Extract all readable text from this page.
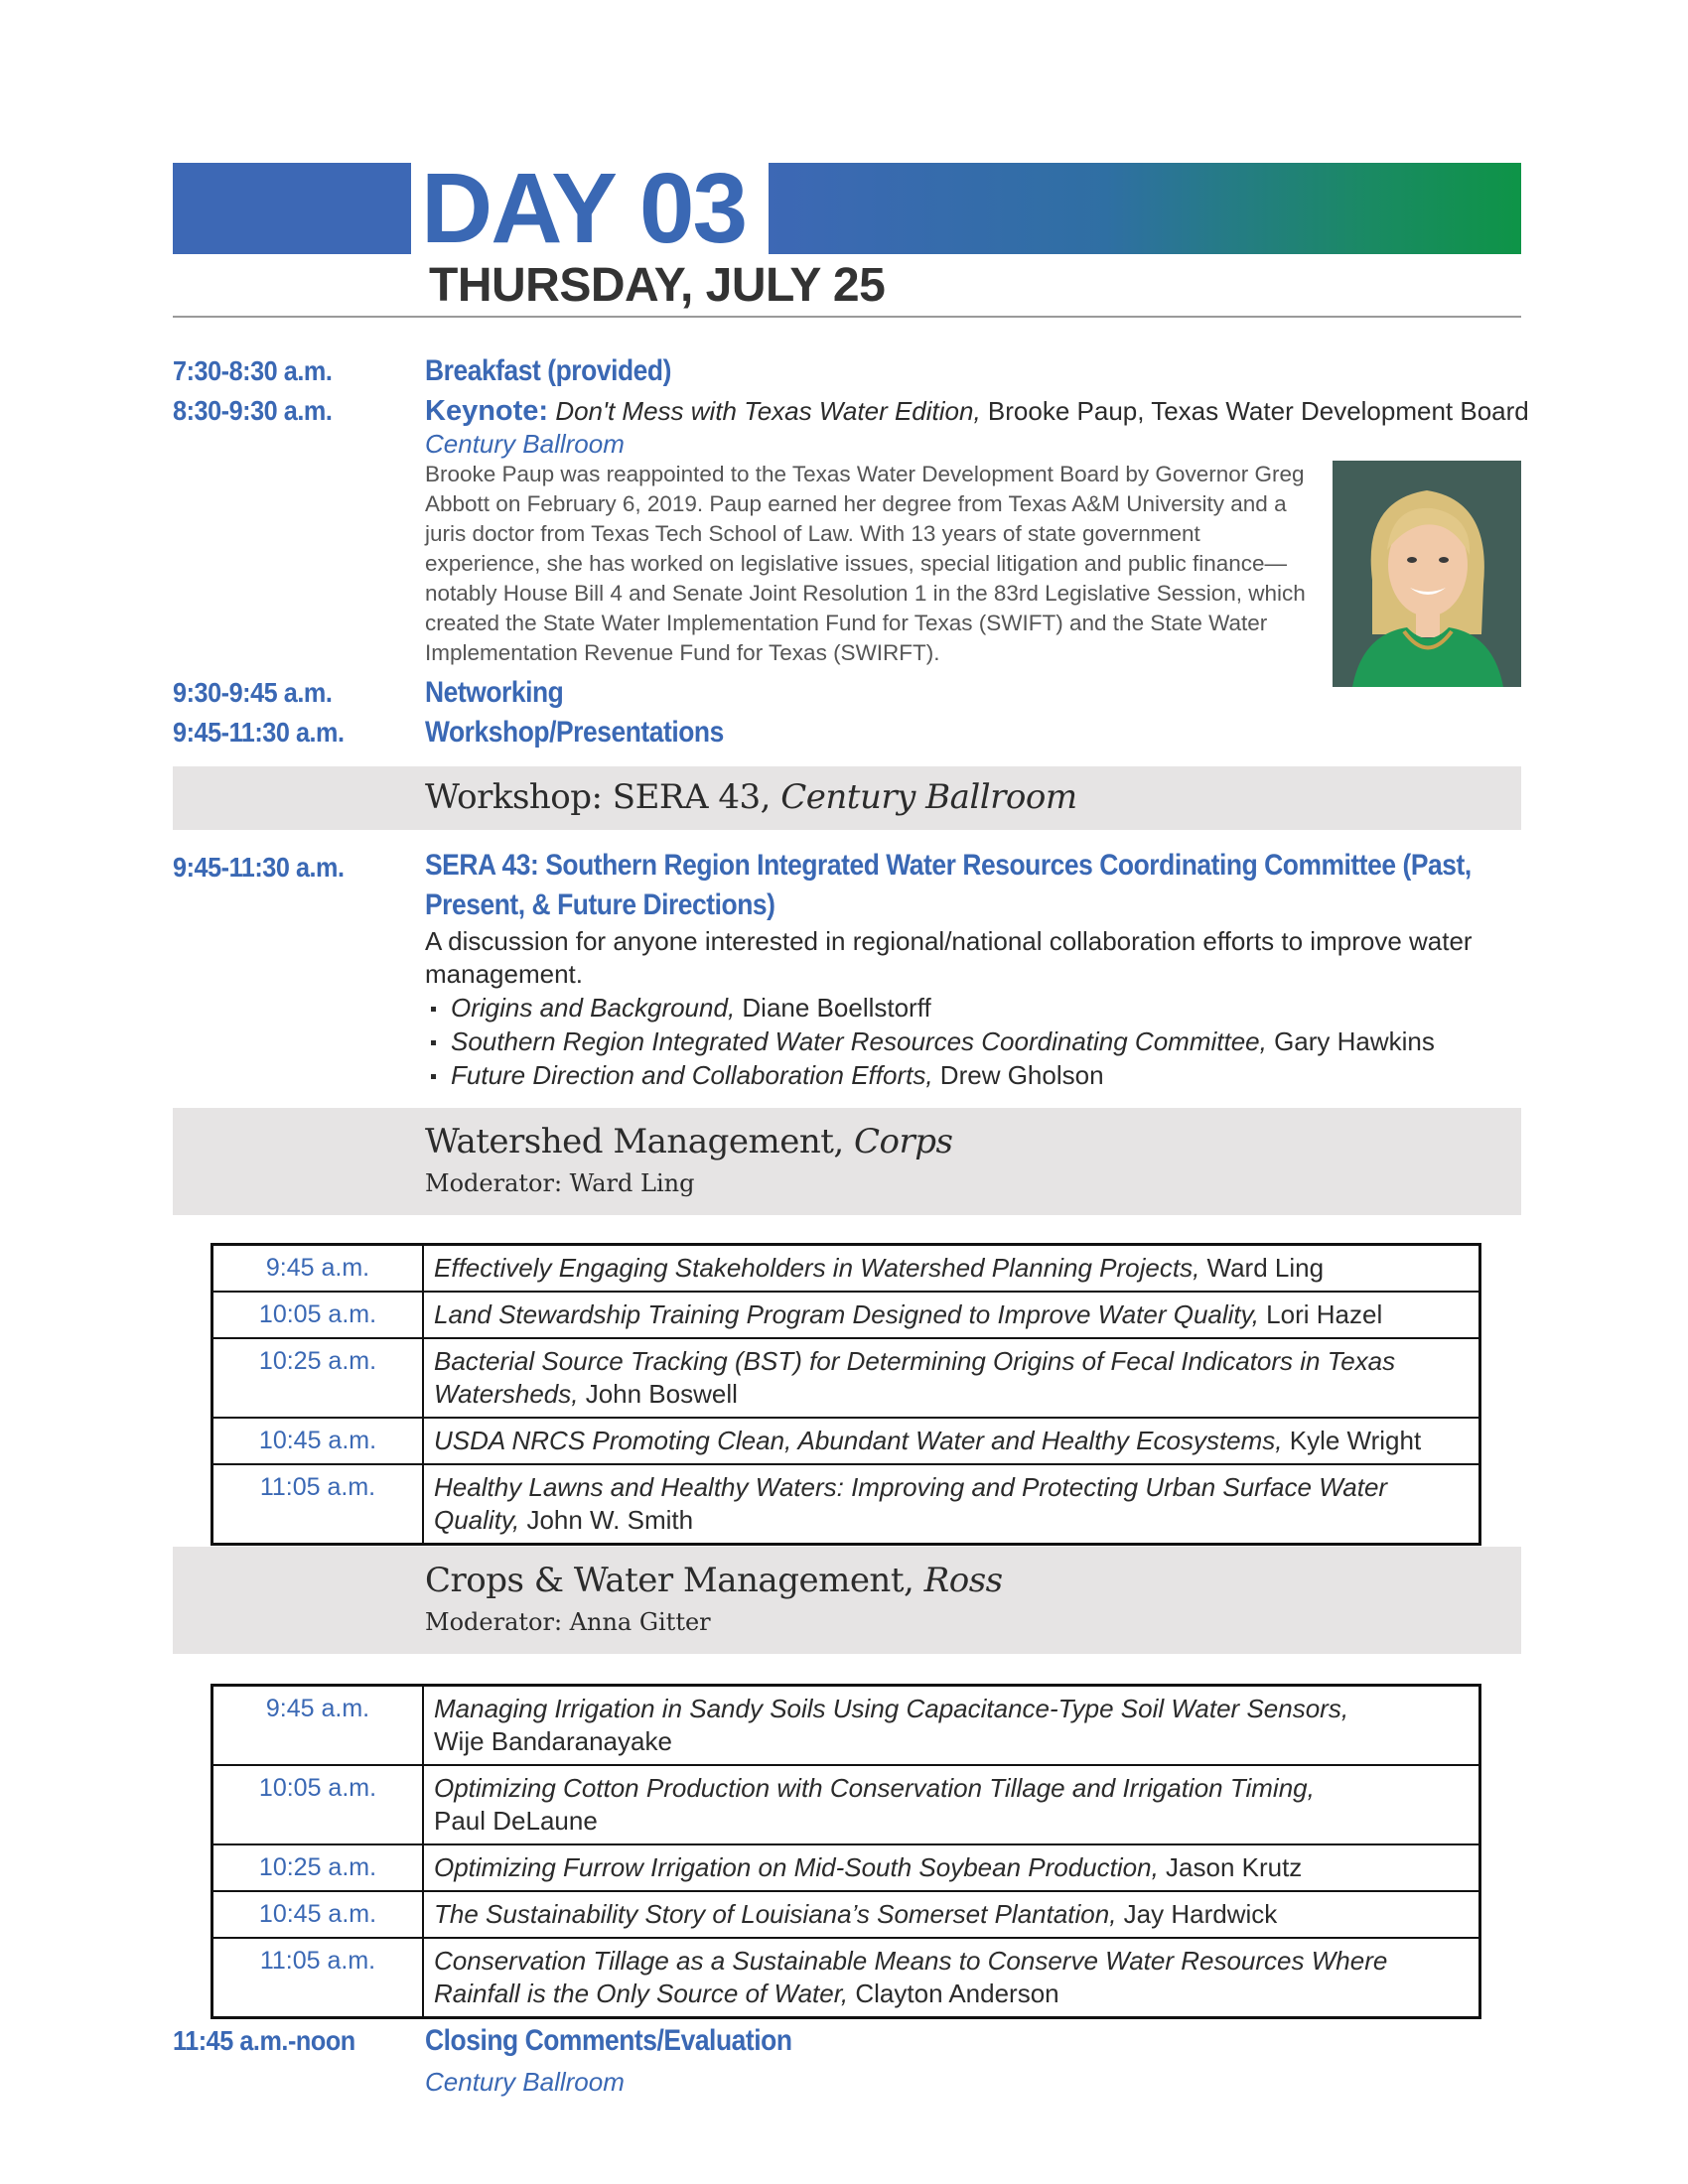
DAY 03
THURSDAY, JULY 25
7:30-8:30 a.m.	Breakfast (provided)
8:30-9:30 a.m.	Keynote: Don't Mess with Texas Water Edition, Brooke Paup, Texas Water Development Board
Century Ballroom
Brooke Paup was reappointed to the Texas Water Development Board by Governor Greg Abbott on February 6, 2019. Paup earned her degree from Texas A&M University and a juris doctor from Texas Tech School of Law. With 13 years of state government experience, she has worked on legislative issues, special litigation and public finance—notably House Bill 4 and Senate Joint Resolution 1 in the 83rd Legislative Session, which created the State Water Implementation Fund for Texas (SWIFT) and the State Water Implementation Revenue Fund for Texas (SWIRFT).
9:30-9:45 a.m.	Networking
9:45-11:30 a.m.	Workshop/Presentations
Workshop: SERA 43, Century Ballroom
9:45-11:30 a.m.	SERA 43: Southern Region Integrated Water Resources Coordinating Committee (Past,
Present, & Future Directions)
A discussion for anyone interested in regional/national collaboration efforts to improve water management.
Origins and Background, Diane Boellstorff
Southern Region Integrated Water Resources Coordinating Committee, Gary Hawkins
Future Direction and Collaboration Efforts, Drew Gholson
Watershed Management, Corps
Moderator: Ward Ling
9:45 a.m.	Effectively Engaging Stakeholders in Watershed Planning Projects, Ward Ling
10:05 a.m.	Land Stewardship Training Program Designed to Improve Water Quality, Lori Hazel
10:25 a.m.	Bacterial Source Tracking (BST) for Determining Origins of Fecal Indicators in Texas Watersheds, John Boswell
10:45 a.m.	USDA NRCS Promoting Clean, Abundant Water and Healthy Ecosystems, Kyle Wright
11:05 a.m.	Healthy Lawns and Healthy Waters: Improving and Protecting Urban Surface Water Quality, John W. Smith
Crops & Water Management, Ross
Moderator: Anna Gitter
9:45 a.m.	Managing Irrigation in Sandy Soils Using Capacitance-Type Soil Water Sensors,
Wije Bandaranayake
10:05 a.m.	Optimizing Cotton Production with Conservation Tillage and Irrigation Timing,
Paul DeLaune
10:25 a.m.	Optimizing Furrow Irrigation on Mid-South Soybean Production, Jason Krutz
10:45 a.m.	The Sustainability Story of Louisiana’s Somerset Plantation, Jay Hardwick
11:05 a.m.	Conservation Tillage as a Sustainable Means to Conserve Water Resources Where Rainfall is the Only Source of Water, Clayton Anderson
11:45 a.m.-noon Closing Comments/Evaluation
Century Ballroom
